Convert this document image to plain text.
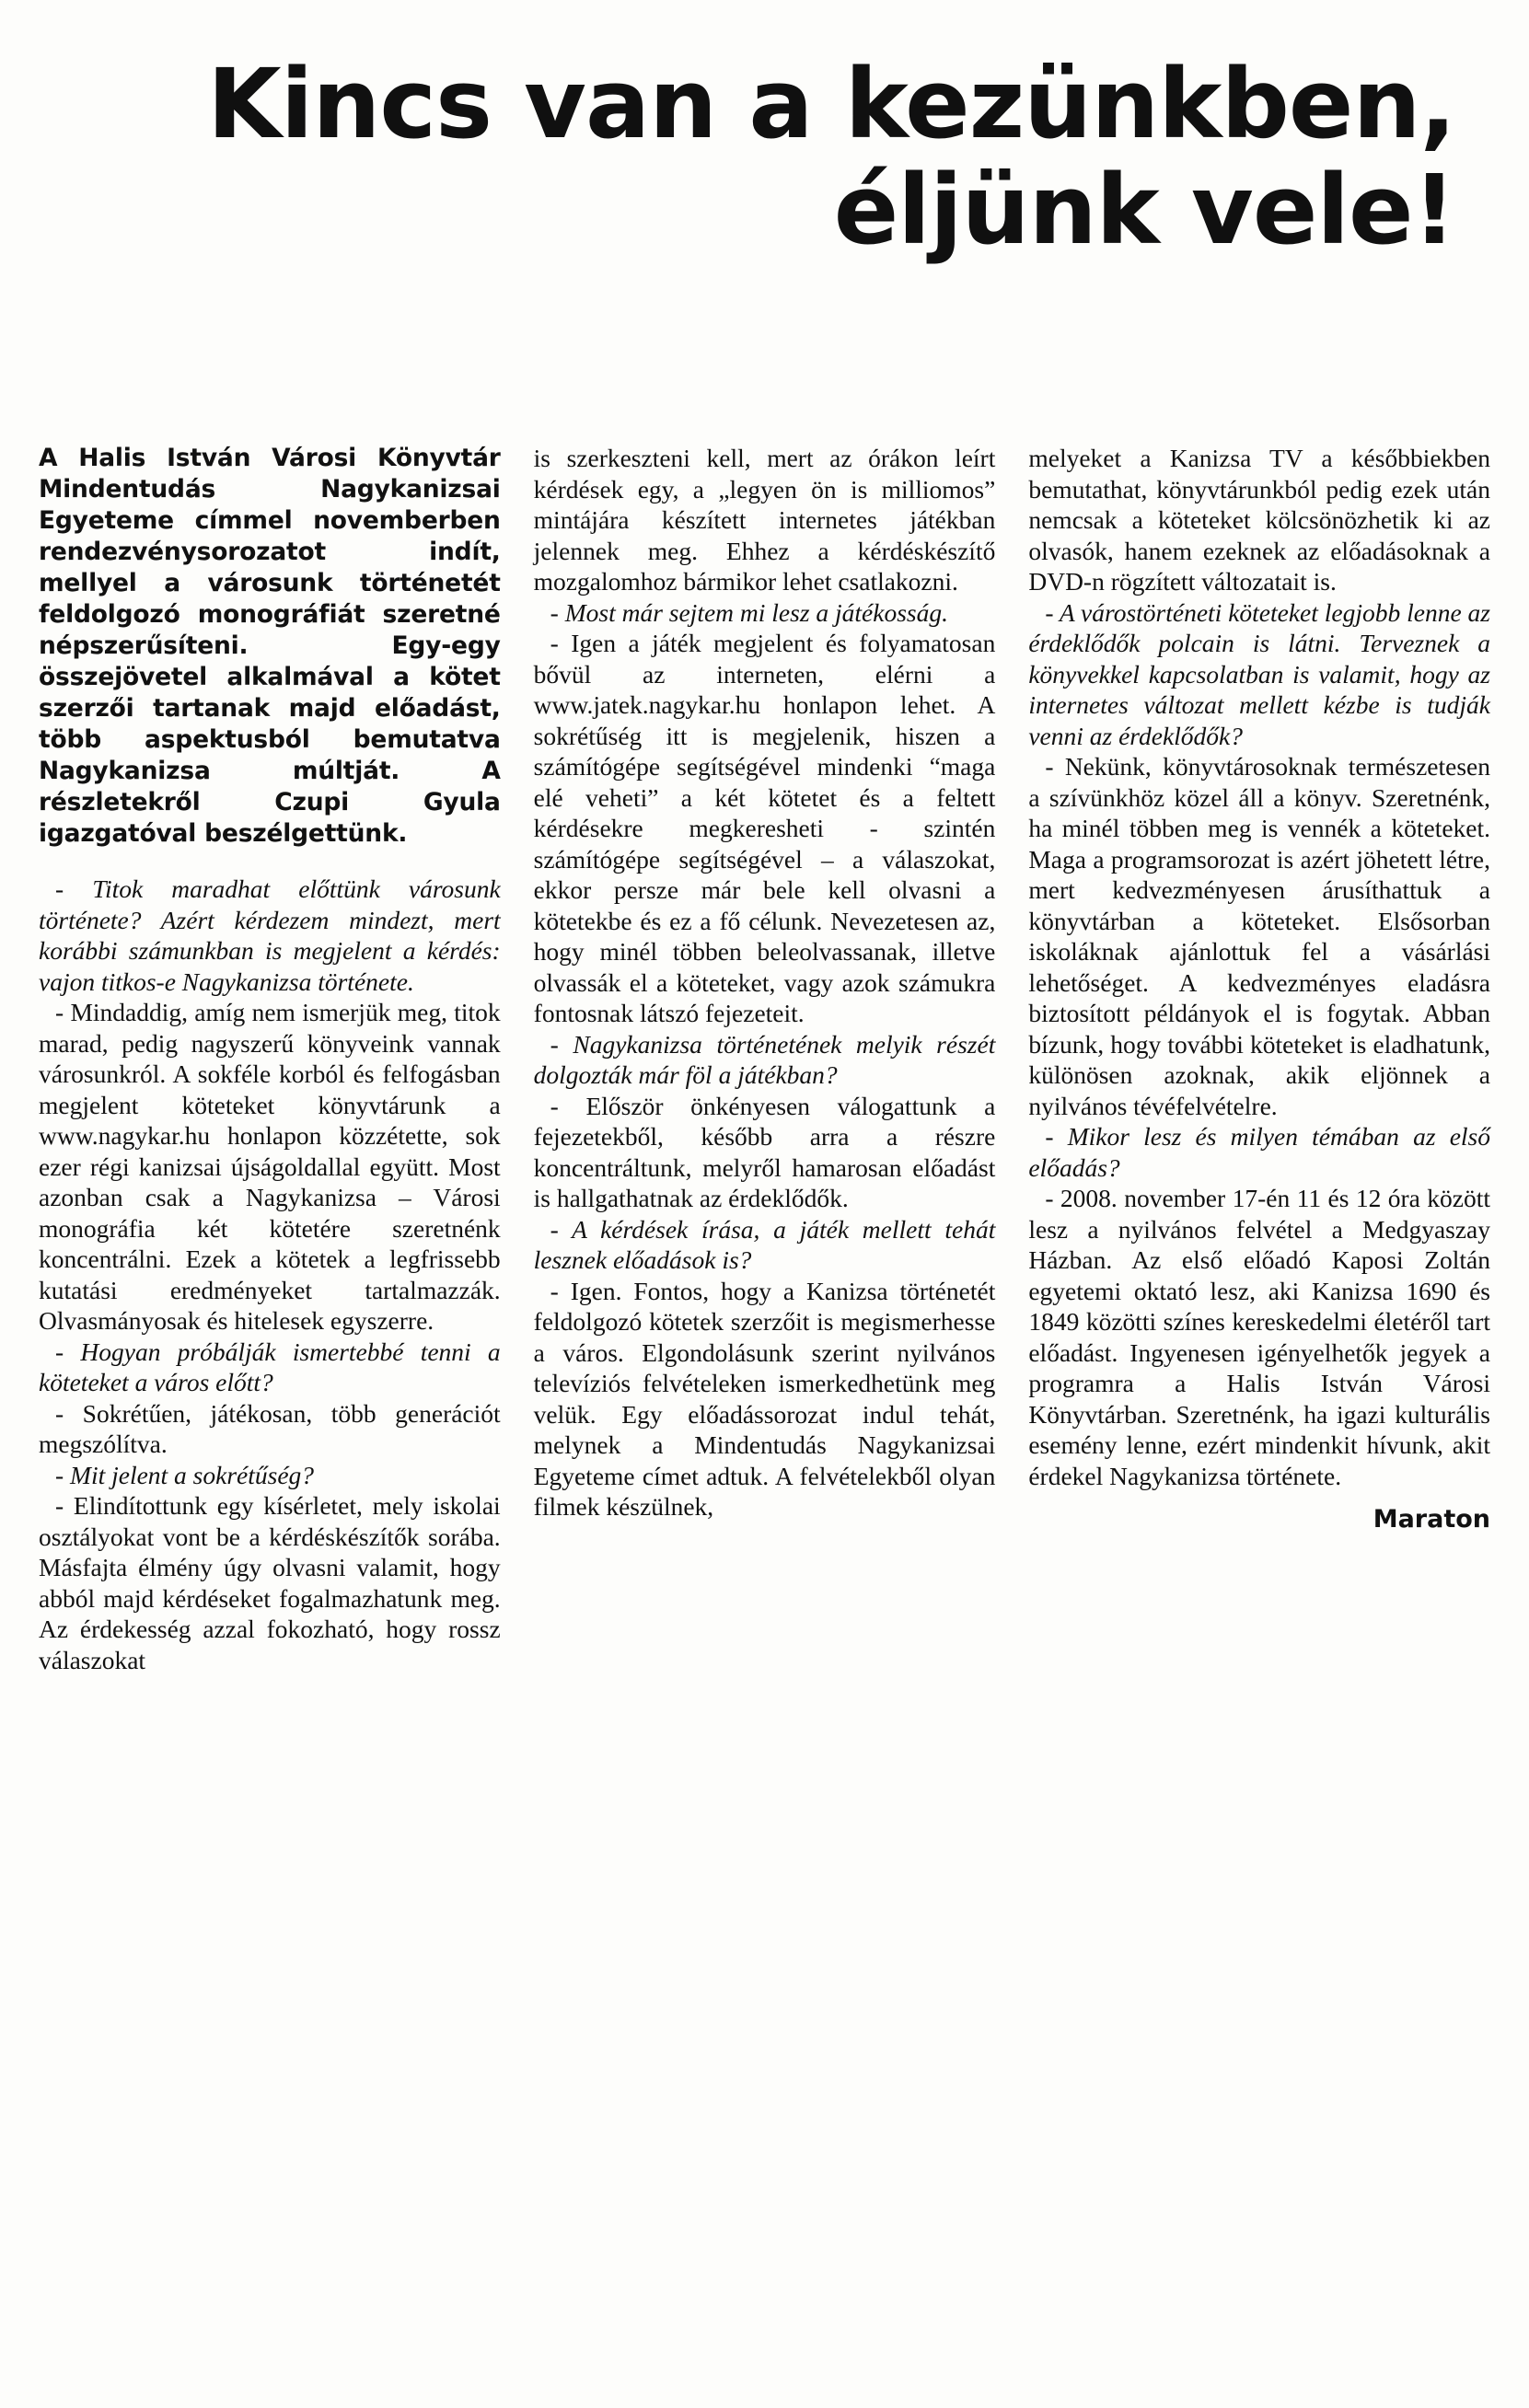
Kincs van a kezünkben,
éljünk vele!

A Halis István Városi Könyvtár Mindentudás Nagykanizsai Egyeteme címmel novemberben rendezvénysorozatot indít, mellyel a városunk történetét feldolgozó monográfiát szeretné népszerűsíteni. Egy-egy összejövetel alkalmával a kötet szerzői tartanak majd előadást, több aspektusból bemutatva Nagykanizsa múltját. A részletekről Czupi Gyula igazgatóval beszélgettünk.

- Titok maradhat előttünk városunk története? Azért kérdezem mindezt, mert korábbi számunkban is megjelent a kérdés: vajon titkos-e Nagykanizsa története.

- Mindaddig, amíg nem ismerjük meg, titok marad, pedig nagyszerű könyveink vannak városunkról. A sokféle korból és felfogásban megjelent köteteket könyvtárunk a www.nagykar.hu honlapon közzétette, sok ezer régi kanizsai újságoldallal együtt. Most azonban csak a Nagykanizsa – Városi monográfia két kötetére szeretnénk koncentrálni. Ezek a kötetek a legfrissebb kutatási eredményeket tartalmazzák. Olvasmányosak és hitelesek egyszerre.

- Hogyan próbálják ismertebbé tenni a köteteket a város előtt?

- Sokrétűen, játékosan, több generációt megszólítva.

- Mit jelent a sokrétűség?

- Elindítottunk egy kísérletet, mely iskolai osztályokat vont be a kérdéskészítők sorába. Másfajta élmény úgy olvasni valamit, hogy abból majd kérdéseket fogalmazhatunk meg. Az érdekesség azzal fokozható, hogy rossz válaszokat

is szerkeszteni kell, mert az órákon leírt kérdések egy, a „legyen ön is milliomos” mintájára készített internetes játékban jelennek meg. Ehhez a kérdéskészítő mozgalomhoz bármikor lehet csatlakozni.

- Most már sejtem mi lesz a játékosság.

- Igen a játék megjelent és folyamatosan bővül az interneten, elérni a www.jatek.nagykar.hu honlapon lehet. A sokrétűség itt is megjelenik, hiszen a számítógépe segítségével mindenki “maga elé veheti” a két kötetet és a feltett kérdésekre megkeresheti - szintén számítógépe segítségével – a válaszokat, ekkor persze már bele kell olvasni a kötetekbe és ez a fő célunk. Nevezetesen az, hogy minél többen beleolvassanak, illetve olvassák el a köteteket, vagy azok számukra fontosnak látszó fejezeteit.

- Nagykanizsa történetének melyik részét dolgozták már föl a játékban?

- Először önkényesen válogattunk a fejezetekből, később arra a részre koncentráltunk, melyről hamarosan előadást is hallgathatnak az érdeklődők.

- A kérdések írása, a játék mellett tehát lesznek előadások is?

- Igen. Fontos, hogy a Kanizsa történetét feldolgozó kötetek szerzőit is megismerhesse a város. Elgondolásunk szerint nyilvános televíziós felvételeken ismerkedhetünk meg velük. Egy előadássorozat indul tehát, melynek a Mindentudás Nagykanizsai Egyeteme címet adtuk. A felvételekből olyan filmek készülnek,

melyeket a Kanizsa TV a későbbiekben bemutathat, könyvtárunkból pedig ezek után nemcsak a köteteket kölcsönözhetik ki az olvasók, hanem ezeknek az előadásoknak a DVD-n rögzített változatait is.

- A várostörténeti köteteket legjobb lenne az érdeklődők polcain is látni. Terveznek a könyvekkel kapcsolatban is valamit, hogy az internetes változat mellett kézbe is tudják venni az érdeklődők?

- Nekünk, könyvtárosoknak természetesen a szívünkhöz közel áll a könyv. Szeretnénk, ha minél többen meg is vennék a köteteket. Maga a programsorozat is azért jöhetett létre, mert kedvezményesen árusíthattuk a könyvtárban a köteteket. Elsősorban iskoláknak ajánlottuk fel a vásárlási lehetőséget. A kedvezményes eladásra biztosított példányok el is fogytak. Abban bízunk, hogy további köteteket is eladhatunk, különösen azoknak, akik eljönnek a nyilvános tévéfelvételre.

- Mikor lesz és milyen témában az első előadás?

- 2008. november 17-én 11 és 12 óra között lesz a nyilvános felvétel a Medgyaszay Házban. Az első előadó Kaposi Zoltán egyetemi oktató lesz, aki Kanizsa 1690 és 1849 közötti színes kereskedelmi életéről tart előadást. Ingyenesen igényelhetők jegyek a programra a Halis István Városi Könyvtárban. Szeretnénk, ha igazi kulturális esemény lenne, ezért mindenkit hívunk, akit érdekel Nagykanizsa története.

Maraton
